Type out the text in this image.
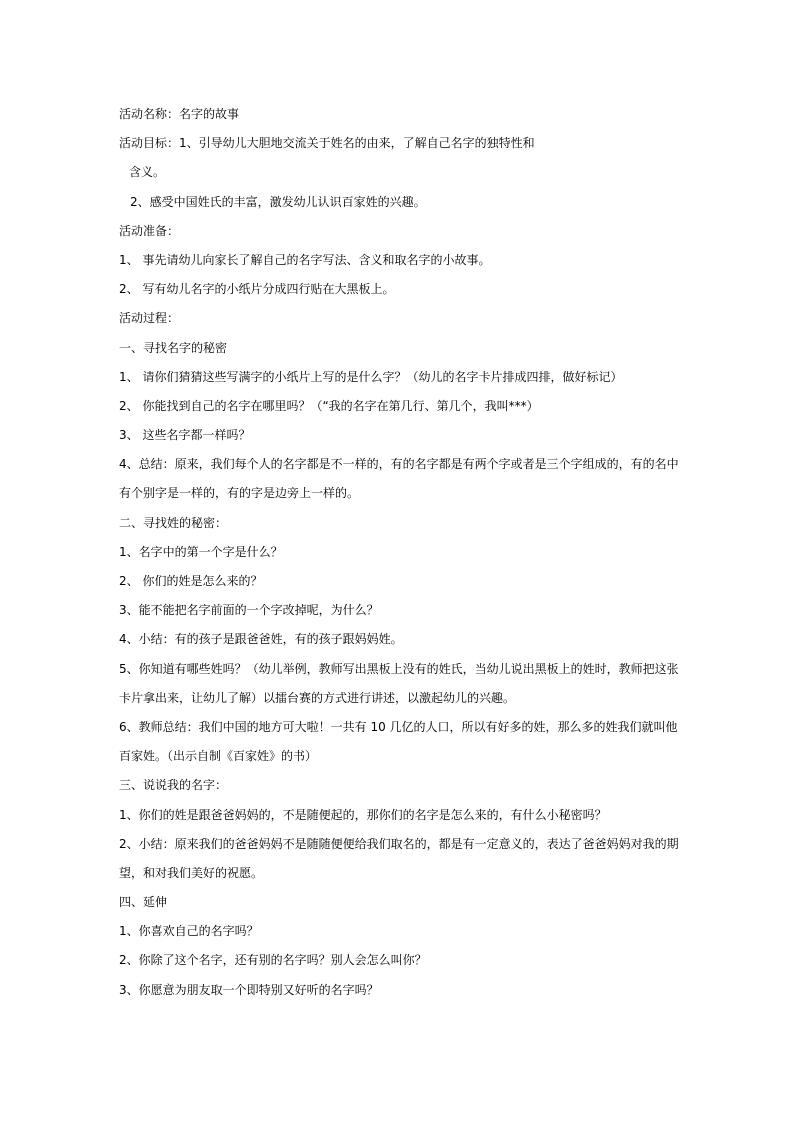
活动名称：名字的故事
活动目标：1、引导幼儿大胆地交流关于姓名的由来，了解自己名字的独特性和
含义。
2、感受中国姓氏的丰富，激发幼儿认识百家姓的兴趣。
活动准备：
1、 事先请幼儿向家长了解自己的名字写法、含义和取名字的小故事。
2、 写有幼儿名字的小纸片分成四行贴在大黑板上。
活动过程：
一、寻找名字的秘密
1、 请你们猜猜这些写满字的小纸片上写的是什么字？（幼儿的名字卡片排成四排，做好标记）
2、 你能找到自己的名字在哪里吗？（“我的名字在第几行、第几个，我叫***）
3、 这些名字都一样吗？
4、总结：原来，我们每个人的名字都是不一样的，有的名字都是有两个字或者是三个字组成的，有的名中
有个别字是一样的，有的字是边旁上一样的。
二、寻找姓的秘密：
1、名字中的第一个字是什么？
2、 你们的姓是怎么来的？
3、能不能把名字前面的一个字改掉呢，为什么？
4、小结：有的孩子是跟爸爸姓，有的孩子跟妈妈姓。
5、你知道有哪些姓吗？（幼儿举例，教师写出黑板上没有的姓氏，当幼儿说出黑板上的姓时，教师把这张
卡片拿出来，让幼儿了解）以擂台赛的方式进行讲述，以激起幼儿的兴趣。
6、教师总结：我们中国的地方可大啦！一共有 10 几亿的人口，所以有好多的姓，那么多的姓我们就叫他
百家姓。（出示自制《百家姓》的书）
三、说说我的名字：
1、你们的姓是跟爸爸妈妈的，不是随便起的，那你们的名字是怎么来的，有什么小秘密吗？
2、小结：原来我们的爸爸妈妈不是随随便便给我们取名的，都是有一定意义的，表达了爸爸妈妈对我的期
望，和对我们美好的祝愿。
四、延伸
1、你喜欢自己的名字吗？
2、你除了这个名字，还有别的名字吗？别人会怎么叫你？
3、你愿意为朋友取一个即特别又好听的名字吗？
